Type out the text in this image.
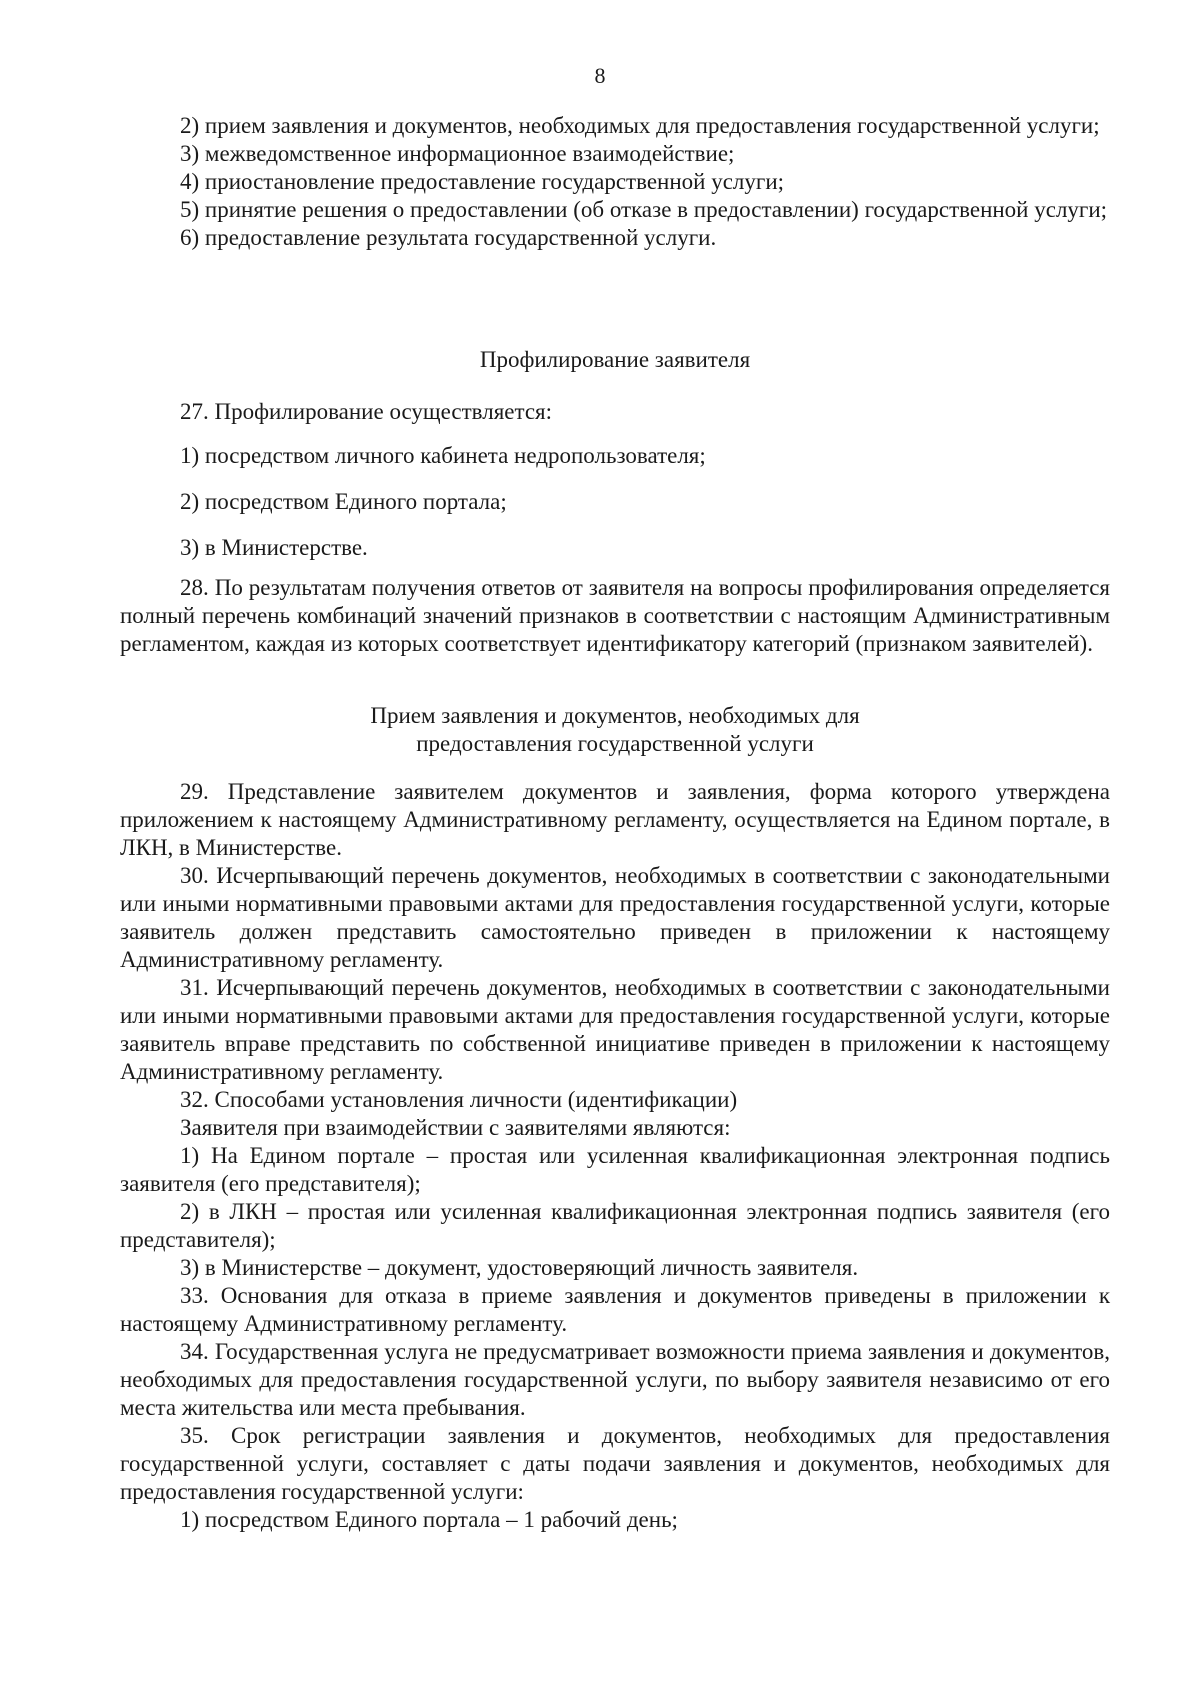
8

2) прием заявления и документов, необходимых для предоставления государственной услуги;

3) межведомственное информационное взаимодействие;

4) приостановление предоставление государственной услуги;

5) принятие решения о предоставлении (об отказе в предоставлении) государственной услуги;

6) предоставление результата государственной услуги.

Профилирование заявителя

27. Профилирование осуществляется:

1) посредством личного кабинета недропользователя;

2) посредством Единого портала;

3) в Министерстве.

28. По результатам получения ответов от заявителя на вопросы профилирования определяется полный перечень комбинаций значений признаков в соответствии с настоящим Административным регламентом, каждая из которых соответствует идентификатору категорий (признаком заявителей).

Прием заявления и документов, необходимых для
предоставления государственной услуги

29. Представление заявителем документов и заявления, форма которого утверждена приложением к настоящему Административному регламенту, осуществляется на Едином портале, в ЛКН, в Министерстве.

30. Исчерпывающий перечень документов, необходимых в соответствии с законодательными или иными нормативными правовыми актами для предоставления государственной услуги, которые заявитель должен представить самостоятельно приведен в приложении к настоящему Административному регламенту.

31. Исчерпывающий перечень документов, необходимых в соответствии с законодательными или иными нормативными правовыми актами для предоставления государственной услуги, которые заявитель вправе представить по собственной инициативе приведен в приложении к настоящему Административному регламенту.

32. Способами установления личности (идентификации)

Заявителя при взаимодействии с заявителями являются:

1) На Едином портале – простая или усиленная квалификационная электронная подпись заявителя (его представителя);

2) в ЛКН – простая или усиленная квалификационная электронная подпись заявителя (его представителя);

3) в Министерстве – документ, удостоверяющий личность заявителя.

33. Основания для отказа в приеме заявления и документов приведены в приложении к настоящему Административному регламенту.

34. Государственная услуга не предусматривает возможности приема заявления и документов, необходимых для предоставления государственной услуги, по выбору заявителя независимо от его места жительства или места пребывания.

35. Срок регистрации заявления и документов, необходимых для предоставления государственной услуги, составляет с даты подачи заявления и документов, необходимых для предоставления государственной услуги:

1) посредством Единого портала – 1 рабочий день;
